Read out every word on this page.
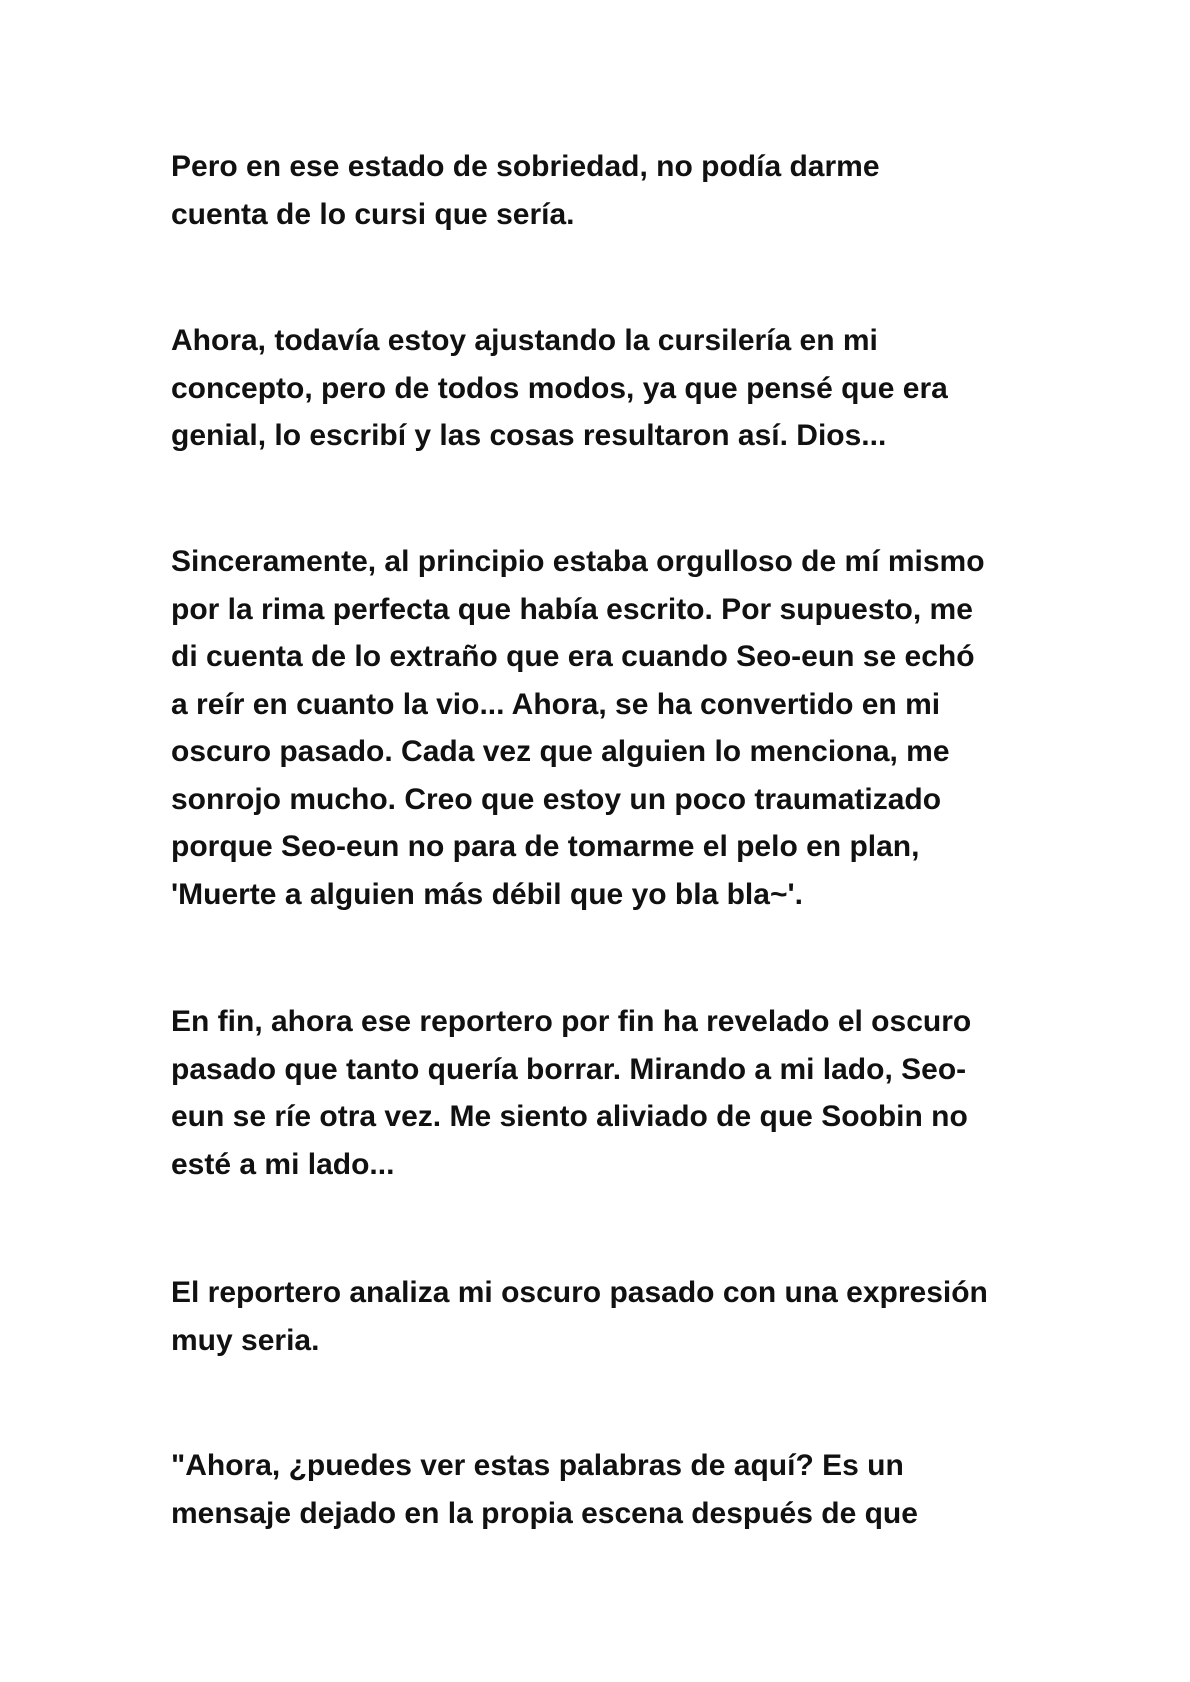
Pero en ese estado de sobriedad, no podía darme
cuenta de lo cursi que sería.

Ahora, todavía estoy ajustando la cursilería en mi
concepto, pero de todos modos, ya que pensé que era
genial, lo escribí y las cosas resultaron así. Dios...

Sinceramente, al principio estaba orgulloso de mí mismo
por la rima perfecta que había escrito. Por supuesto, me
di cuenta de lo extraño que era cuando Seo-eun se echó
a reír en cuanto la vio... Ahora, se ha convertido en mi
oscuro pasado. Cada vez que alguien lo menciona, me
sonrojo mucho. Creo que estoy un poco traumatizado
porque Seo-eun no para de tomarme el pelo en plan,
'Muerte a alguien más débil que yo bla bla~'.

En fin, ahora ese reportero por fin ha revelado el oscuro
pasado que tanto quería borrar. Mirando a mi lado, Seo-
eun se ríe otra vez. Me siento aliviado de que Soobin no
esté a mi lado...

El reportero analiza mi oscuro pasado con una expresión
muy seria.

"Ahora, ¿puedes ver estas palabras de aquí? Es un
mensaje dejado en la propia escena después de que
